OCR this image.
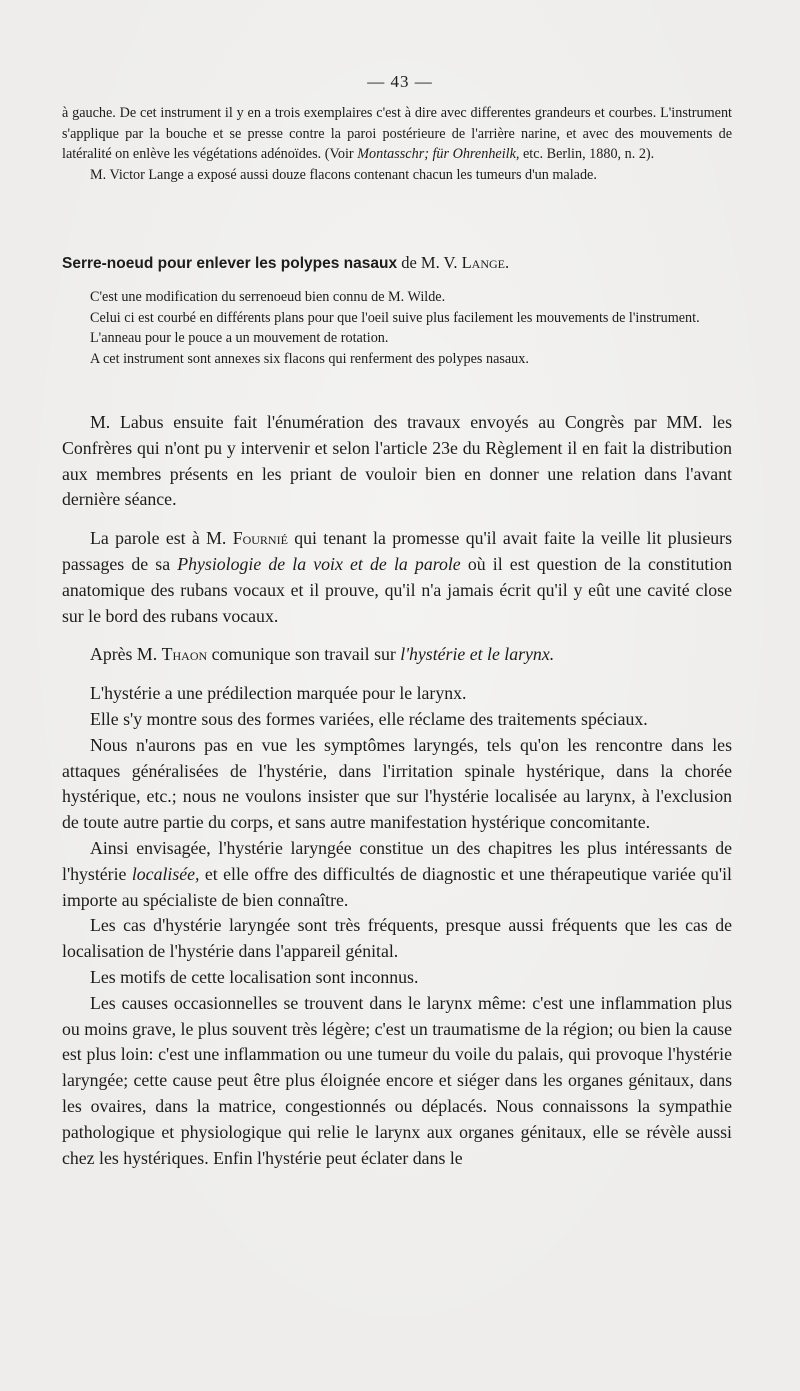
— 43 —

à gauche. De cet instrument il y en a trois exemplaires c'est à dire avec differentes grandeurs et courbes. L'instrument s'applique par la bouche et se presse contre la paroi postérieure de l'arrière narine, et avec des mouvements de latéralité on enlève les végétations adénoïdes. (Voir Montasschr; für Ohrenheilk, etc. Berlin, 1880, n. 2).

M. Victor Lange a exposé aussi douze flacons contenant chacun les tumeurs d'un malade.

Serre-noeud pour enlever les polypes nasaux de M. V. Lange.

C'est une modification du serrenoeud bien connu de M. Wilde.

Celui ci est courbé en différents plans pour que l'oeil suive plus facilement les mouvements de l'instrument.

L'anneau pour le pouce a un mouvement de rotation.

A cet instrument sont annexes six flacons qui renferment des polypes nasaux.

M. Labus ensuite fait l'énumération des travaux envoyés au Congrès par MM. les Confrères qui n'ont pu y intervenir et selon l'article 23e du Règlement il en fait la distribution aux membres présents en les priant de vouloir bien en donner une relation dans l'avant dernière séance.

La parole est à M. Fournié qui tenant la promesse qu'il avait faite la veille lit plusieurs passages de sa Physiologie de la voix et de la parole où il est question de la constitution anatomique des rubans vocaux et il prouve, qu'il n'a jamais écrit qu'il y eût une cavité close sur le bord des rubans vocaux.

Après M. Thaon comunique son travail sur l'hystérie et le larynx.

L'hystérie a une prédilection marquée pour le larynx.

Elle s'y montre sous des formes variées, elle réclame des traitements spéciaux.

Nous n'aurons pas en vue les symptômes laryngés, tels qu'on les rencontre dans les attaques généralisées de l'hystérie, dans l'irritation spinale hystérique, dans la chorée hystérique, etc.; nous ne voulons insister que sur l'hystérie localisée au larynx, à l'exclusion de toute autre partie du corps, et sans autre manifestation hystérique concomitante.

Ainsi envisagée, l'hystérie laryngée constitue un des chapitres les plus intéressants de l'hystérie localisée, et elle offre des difficultés de diagnostic et une thérapeutique variée qu'il importe au spécialiste de bien connaître.

Les cas d'hystérie laryngée sont très fréquents, presque aussi fréquents que les cas de localisation de l'hystérie dans l'appareil génital.

Les motifs de cette localisation sont inconnus.

Les causes occasionnelles se trouvent dans le larynx même: c'est une inflammation plus ou moins grave, le plus souvent très légère; c'est un traumatisme de la région; ou bien la cause est plus loin: c'est une inflammation ou une tumeur du voile du palais, qui provoque l'hystérie laryngée; cette cause peut être plus éloignée encore et siéger dans les organes génitaux, dans les ovaires, dans la matrice, congestionnés ou déplacés. Nous connaissons la sympathie pathologique et physiologique qui relie le larynx aux organes génitaux, elle se révèle aussi chez les hystériques. Enfin l'hystérie peut éclater dans le
